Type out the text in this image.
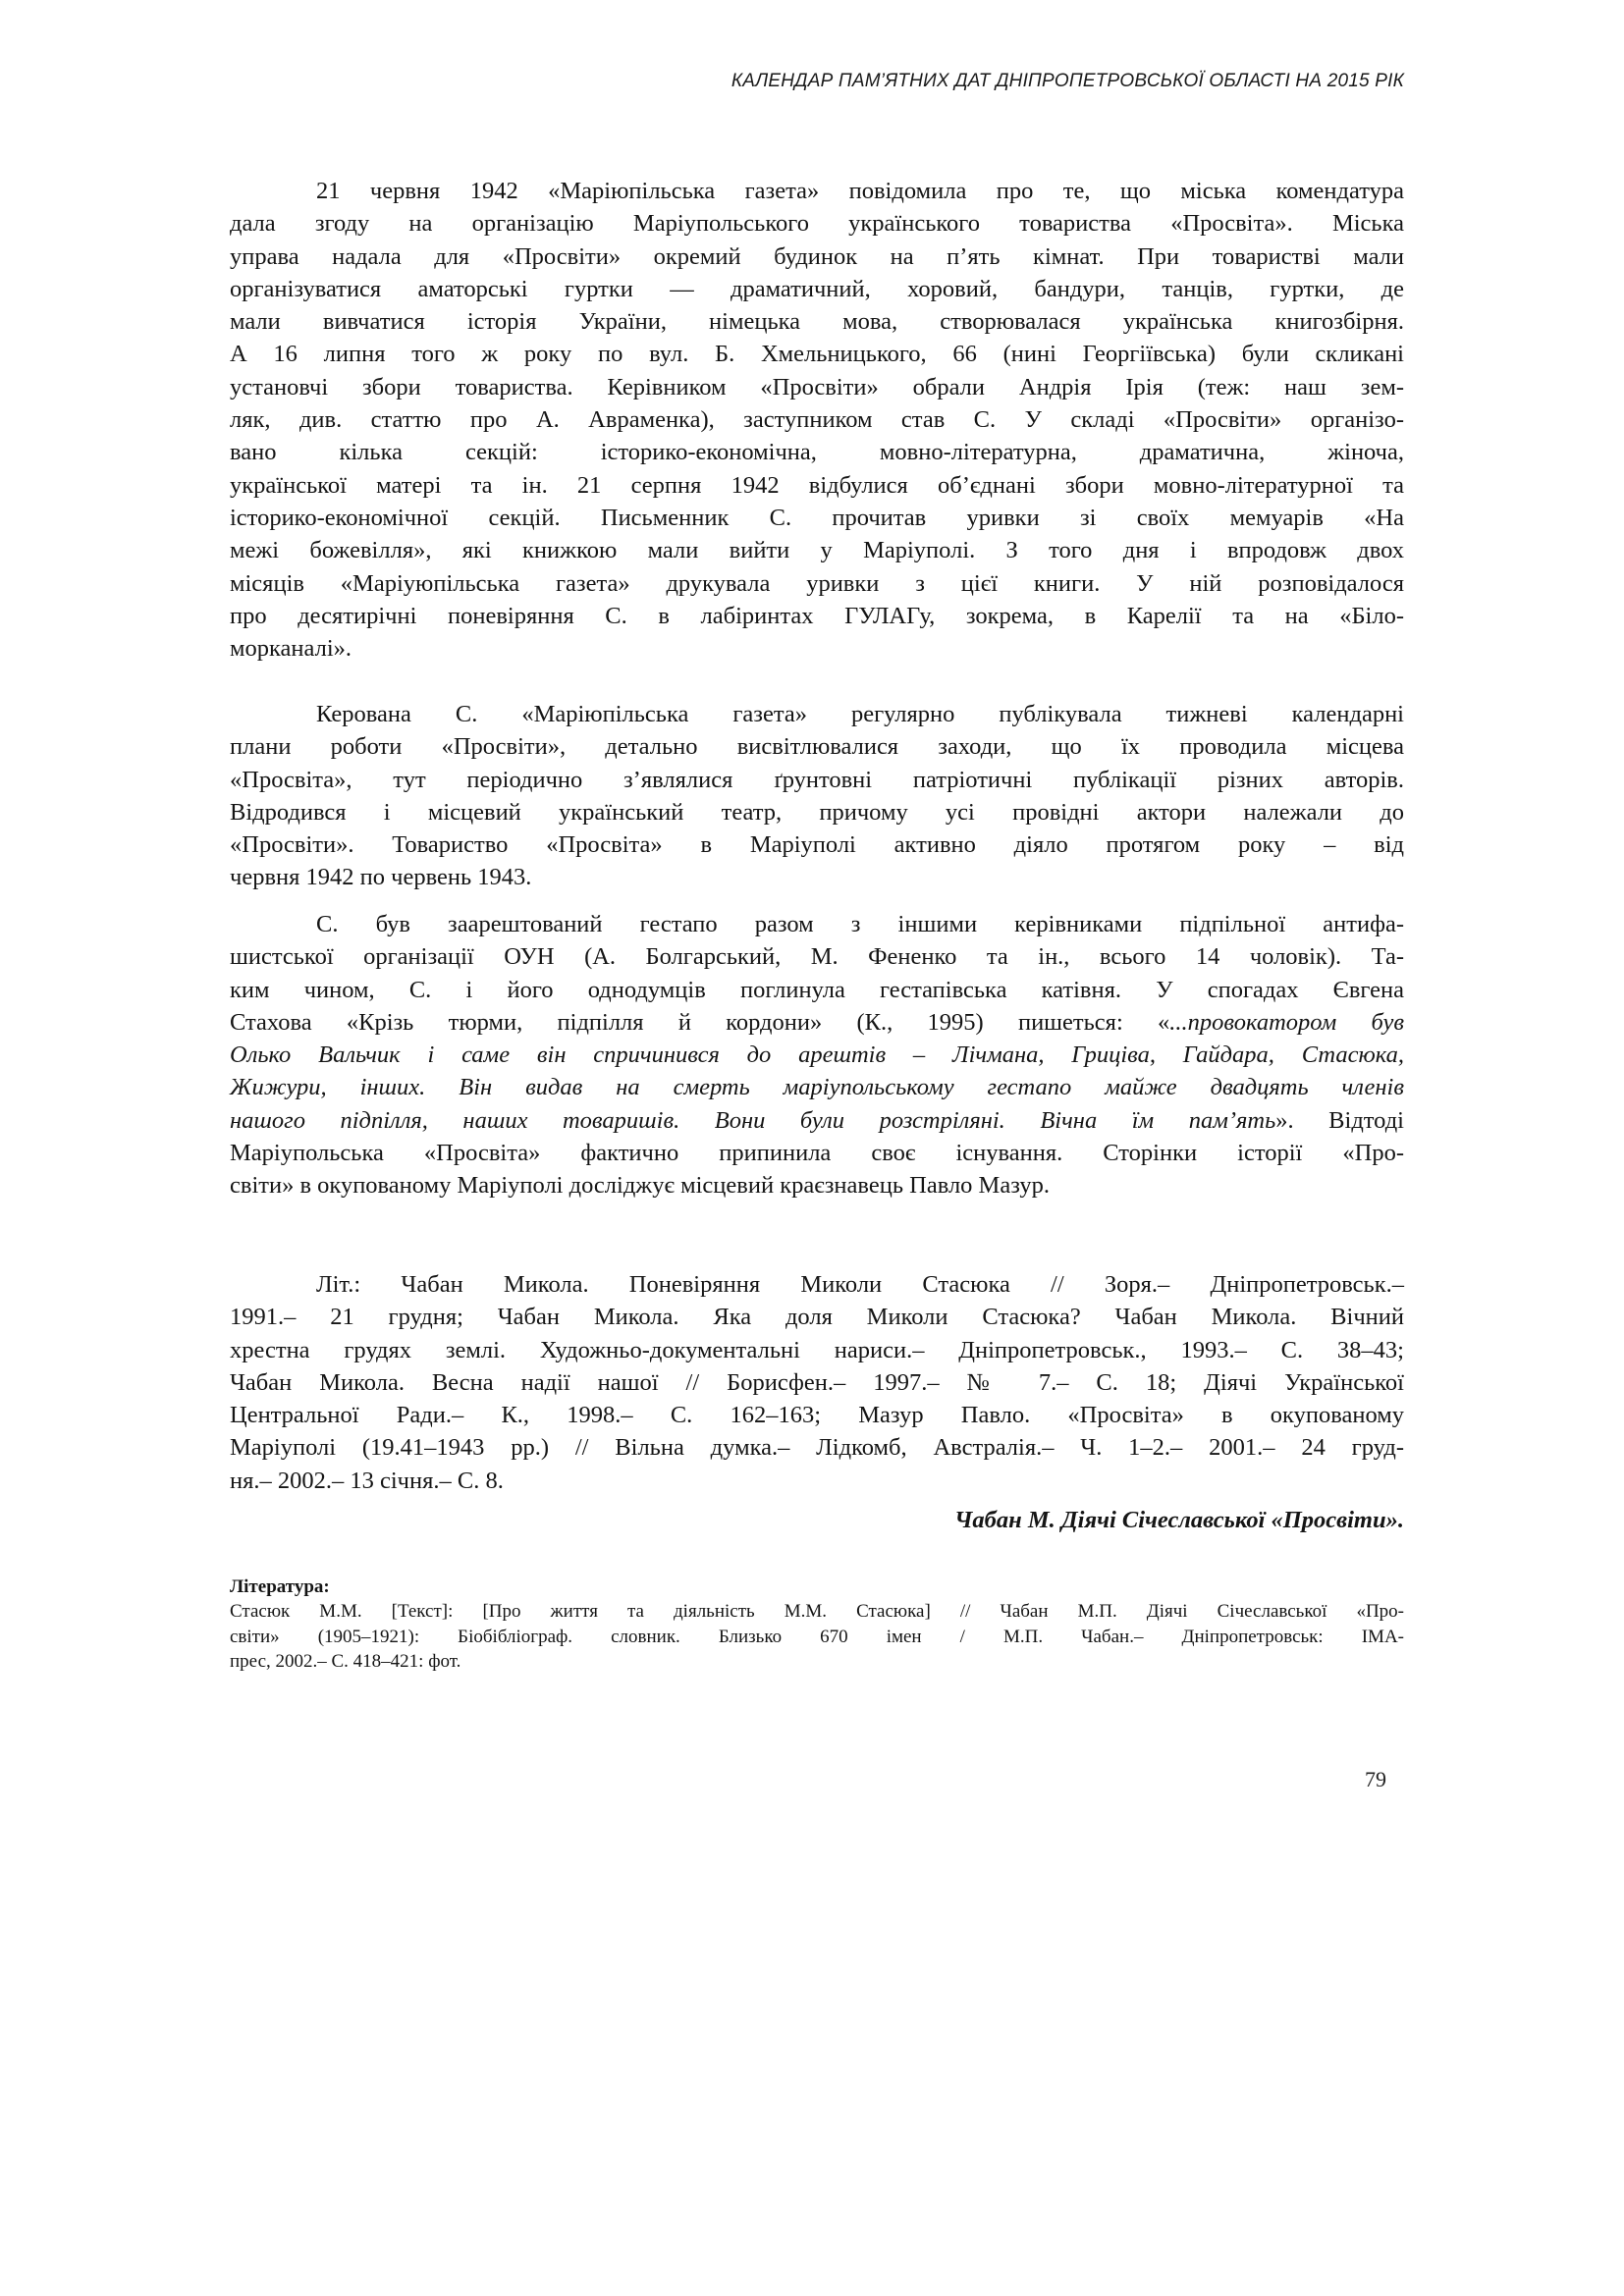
КАЛЕНДАР ПАМ’ЯТНИХ ДАТ ДНІПРОПЕТРОВСЬКОЇ ОБЛАСТІ НА 2015 РІК
21 червня 1942 «Маріюпільська газета» повідомила про те, що міська комендатура
дала згоду на організацію Маріупольського українського товариства «Просвіта». Міська
управа надала для «Просвіти» окремий будинок на п’ять кімнат. При товаристві мали
організуватися аматорські гуртки — драматичний, хоровий, бандури, танців, гуртки, де
мали вивчатися історія України, німецька мова, створювалася українська книгозбірня.
А 16 липня того ж року по вул. Б. Хмельницького, 66 (нині Георгіївська) були скликані
установчі збори товариства. Керівником «Просвіти» обрали Андрія Ірія (теж: наш зем-
ляк, див. статтю про А. Авраменка), заступником став С. У складі «Просвіти» організо-
вано кілька секцій: історико-економічна, мовно-літературна, драматична, жіноча,
української матері та ін. 21 серпня 1942 відбулися об’єднані збори мовно-літературної та
історико-економічної секцій. Письменник С. прочитав уривки зі своїх мемуарів «На
межі божевілля», які книжкою мали вийти у Маріуполі. З того дня і впродовж двох
місяців «Маріуюпільська газета» друкувала уривки з цієї книги. У ній розповідалося
про десятирічні поневіряння С. в лабіринтах ГУЛАГу, зокрема, в Карелії та на «Біло-
морканалі».
Керована С. «Маріюпільська газета» регулярно публікувала тижневі календарні
плани роботи «Просвіти», детально висвітлювалися заходи, що їх проводила місцева
«Просвіта», тут періодично з’являлися ґрунтовні патріотичні публікації різних авторів.
Відродився і місцевий український театр, причому усі провідні актори належали до
«Просвіти». Товариство «Просвіта» в Маріуполі активно діяло протягом року – від
червня 1942 по червень 1943.
С. був заарештований гестапо разом з іншими керівниками підпільної антифа-
шистської організації ОУН (А. Болгарський, М. Фененко та ін., всього 14 чоловік). Та-
ким чином, С. і його однодумців поглинула гестапівська катівня. У спогадах Євгена
Стахова «Крізь тюрми, підпілля й кордони» (К., 1995) пишеться: «...провокатором був
Олько Вальчик і саме він спричинився до арештів – Лічмана, Гриціва, Гайдара, Стасюка,
Жижури, інших. Він видав на смерть маріупольському гестапо майже двадцять членів
нашого підпілля, наших товаришів. Вони були розстріляні. Вічна їм пам’ять». Відтоді
Маріупольська «Просвіта» фактично припинила своє існування. Сторінки історії «Про-
світи» в окупованому Маріуполі досліджує місцевий краєзнавець Павло Мазур.
Літ.: Чабан Микола. Поневіряння Миколи Стасюка // Зоря.– Дніпропетровськ.–
1991.– 21 грудня; Чабан Микола. Яка доля Миколи Стасюка? Чабан Микола. Вічний
хрестна грудях землі. Художньо-документальні нариси.– Дніпропетровськ., 1993.– С. 38–43;
Чабан Микола. Весна надії нашої // Борисфен.– 1997.– № 7.– С. 18; Діячі Української
Центральної Ради.– К., 1998.– С. 162–163; Мазур Павло. «Просвіта» в окупованому
Маріуполі (19.41–1943 рр.) // Вільна думка.– Лідкомб, Австралія.– Ч. 1–2.– 2001.– 24 груд-
ня.– 2002.– 13 січня.– С. 8.
Чабан М. Діячі Січеславської «Просвіти».
Література:
Стасюк М.М. [Текст]: [Про життя та діяльність М.М. Стасюка] // Чабан М.П. Діячі Січеславської «Про-
світи» (1905–1921): Біобібліограф. словник. Близько 670 імен / М.П. Чабан.– Дніпропетровськ: ІМА-
прес, 2002.– С. 418–421: фот.
79
